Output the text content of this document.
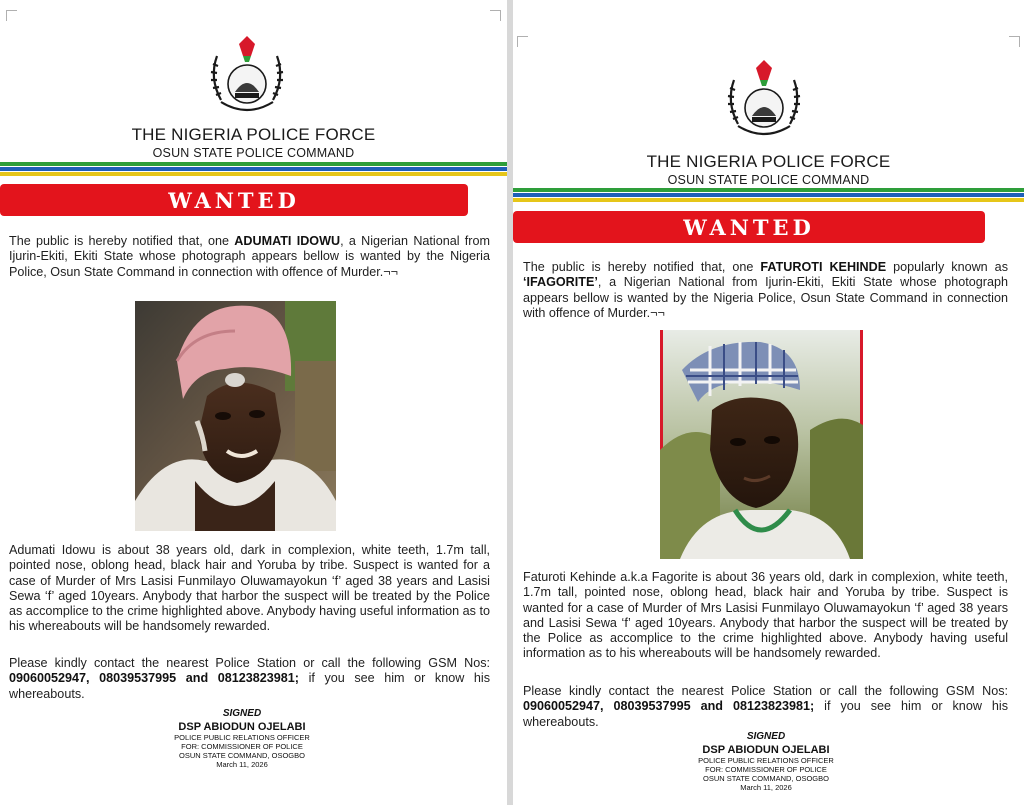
THE NIGERIA POLICE FORCE
OSUN STATE POLICE COMMAND
WANTED
The public is hereby notified that, one ADUMATI IDOWU, a Nigerian National from Ijurin-Ekiti, Ekiti State whose photograph appears bellow is wanted by the Nigeria Police, Osun State Command in connection with offence of Murder.¬¬
Adumati Idowu is about 38 years old, dark in complexion, white teeth, 1.7m tall, pointed nose, oblong head, black hair and Yoruba by tribe. Suspect is wanted for a case of Murder of Mrs Lasisi Funmilayo Oluwamayokun ‘f’ aged 38 years and Lasisi Sewa ‘f’ aged 10years. Anybody that harbor the suspect will be treated by the Police as accomplice to the crime highlighted above. Anybody having useful information as to his whereabouts will be handsomely rewarded.
Please kindly contact the nearest Police Station or call the following GSM Nos: 09060052947, 08039537995 and 08123823981; if you see him or know his whereabouts.
SIGNED
DSP ABIODUN OJELABI
POLICE PUBLIC RELATIONS OFFICER
FOR: COMMISSIONER OF POLICE
OSUN STATE COMMAND, OSOGBO
March 11, 2026
THE NIGERIA POLICE FORCE
OSUN STATE POLICE COMMAND
WANTED
The public is hereby notified that, one FATUROTI KEHINDE popularly known as ‘IFAGORITE’, a Nigerian National from Ijurin-Ekiti, Ekiti State whose photograph appears bellow is wanted by the Nigeria Police, Osun State Command in connection with offence of Murder.¬¬
Faturoti Kehinde a.k.a Fagorite is about 36 years old, dark in complexion, white teeth, 1.7m tall, pointed nose, oblong head, black hair and Yoruba by tribe. Suspect is wanted for a case of Murder of Mrs Lasisi Funmilayo Oluwamayokun ‘f’ aged 38 years and Lasisi Sewa ‘f’ aged 10years. Anybody that harbor the suspect will be treated by the Police as accomplice to the crime highlighted above. Anybody having useful information as to his whereabouts will be handsomely rewarded.
Please kindly contact the nearest Police Station or call the following GSM Nos: 09060052947, 08039537995 and 08123823981; if you see him or know his whereabouts.
SIGNED
DSP ABIODUN OJELABI
POLICE PUBLIC RELATIONS OFFICER
FOR: COMMISSIONER OF POLICE
OSUN STATE COMMAND, OSOGBO
March 11, 2026
